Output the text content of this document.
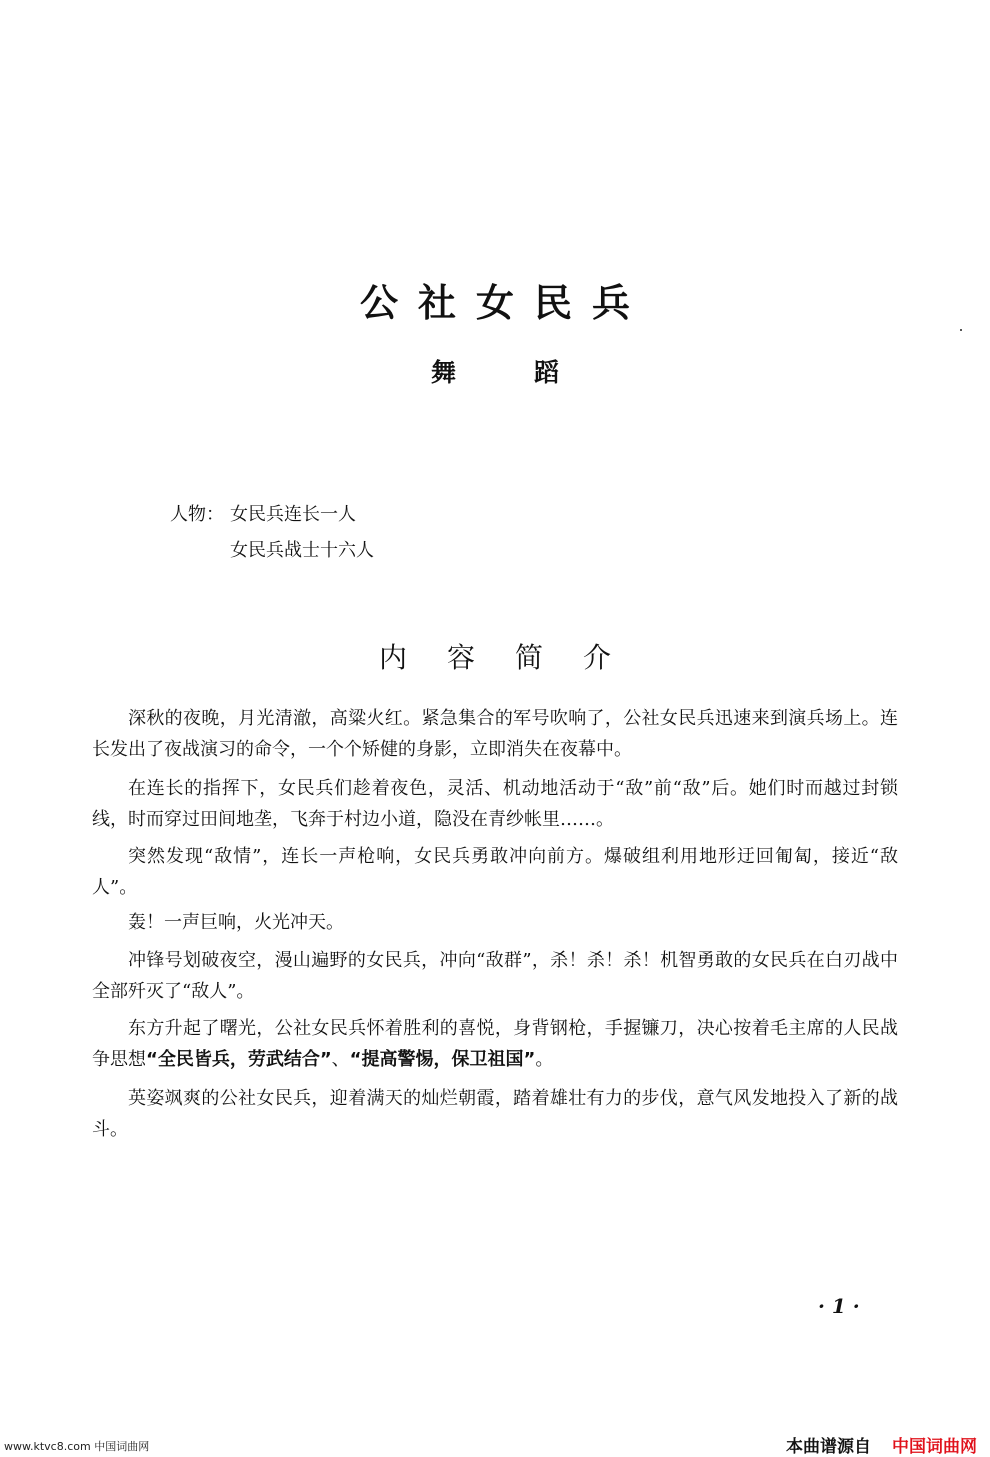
公社女民兵
舞蹈
人物： 女民兵连长一人
女民兵战士十六人
内容简介

深秋的夜晚，月光清澈，高粱火红。紧急集合的军号吹响了，公社女民兵迅速来到演兵场上。连长发出了夜战演习的命令，一个个矫健的身影，立即消失在夜幕中。

在连长的指挥下，女民兵们趁着夜色，灵活、机动地活动于“敌”前“敌”后。她们时而越过封锁线，时而穿过田间地垄，飞奔于村边小道，隐没在青纱帐里……。

突然发现“敌情”，连长一声枪响，女民兵勇敢冲向前方。爆破组利用地形迂回匍匐，接近“敌人”。

轰！一声巨响，火光冲天。

冲锋号划破夜空，漫山遍野的女民兵，冲向“敌群”，杀！杀！杀！机智勇敢的女民兵在白刃战中全部歼灭了“敌人”。

东方升起了曙光，公社女民兵怀着胜利的喜悦，身背钢枪，手握镰刀，决心按着毛主席的人民战争思想“全民皆兵，劳武结合”、“提高警惕，保卫祖国”。

英姿飒爽的公社女民兵，迎着满天的灿烂朝霞，踏着雄壮有力的步伐，意气风发地投入了新的战斗。

· 1 ·
www.ktvc8.com 中国词曲网	本曲谱源自 中国词曲网
